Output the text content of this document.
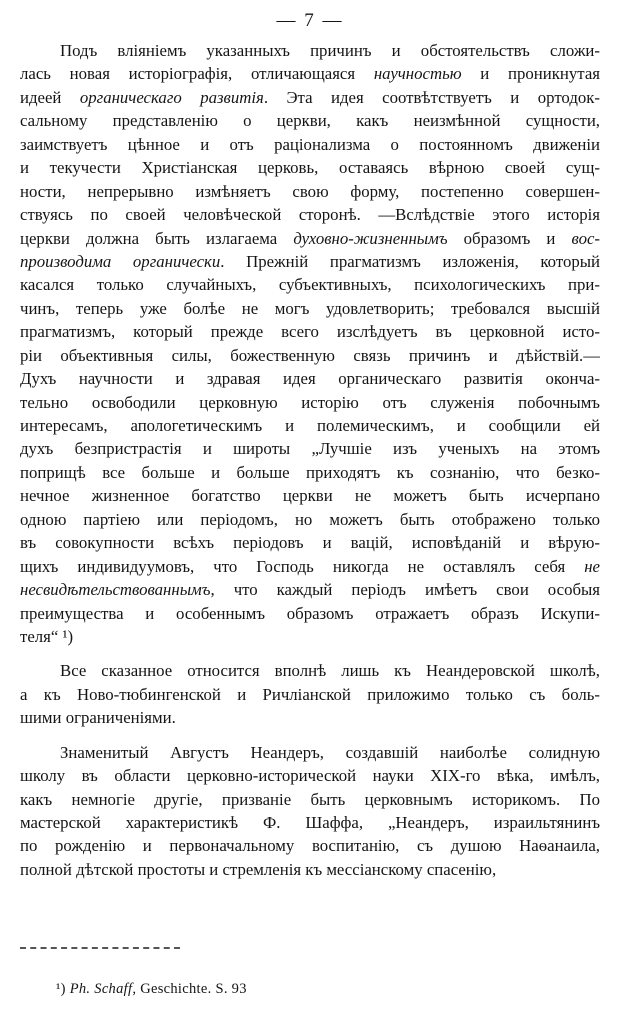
— 7 —
Подъ вліяніемъ указанныхъ причинъ и обстоятельствъ сложи-
лась новая исторіографія, отличающаяся научностью и проникнутая
идеей органическаго развитія. Эта идея соотвѣтствуетъ и ортодок-
сальному представленію о церкви, какъ неизмѣнной сущности,
заимствуетъ цѣнное и отъ раціонализма о постоянномъ движеніи
и текучести Христіанская церковь, оставаясь вѣрною своей сущ-
ности, непрерывно измѣняетъ свою форму, постепенно совершен-
ствуясь по своей человѣческой сторонѣ. —Вслѣдствіе этого исторія
церкви должна быть излагаема духовно-жизненнымъ образомъ и вос-
производима органически. Прежній прагматизмъ изложенія, который
касался только случайныхъ, субъективныхъ, психологическихъ при-
чинъ, теперь уже болѣе не могъ удовлетворить; требовался высшій
прагматизмъ, который прежде всего изслѣдуетъ въ церковной исто-
ріи объективныя силы, божественную связь причинъ и дѣйствій.—
Духъ научности и здравая идея органическаго развитія оконча-
тельно освободили церковную исторію отъ служенія побочнымъ
интересамъ, апологетическимъ и полемическимъ, и сообщили ей
духъ безпристрастія и широты „Лучшіе изъ ученыхъ на этомъ
поприщѣ все больше и больше приходятъ къ сознанію, что безко-
нечное жизненное богатство церкви не можетъ быть исчерпано
одною партіею или періодомъ, но можетъ быть отображено только
въ совокупности всѣхъ періодовъ и вацій, исповѣданій и вѣрую-
щихъ индивидуумовъ, что Господь никогда не оставлялъ себя не
несвидѣтельствованнымъ, что каждый періодъ имѣетъ свои особыя
преимущества и особеннымъ образомъ отражаетъ образъ Искупи-
теля“ ¹)
Все сказанное относится вполнѣ лишь къ Неандеровской школѣ,
а къ Ново-тюбингенской и Ричліанской приложимо только съ боль-
шими ограниченіями.
Знаменитый Августъ Неандеръ, создавшій наиболѣе солидную
школу въ области церковно-исторической науки XIX-го вѣка, имѣлъ,
какъ немногіе другіе, призваніе быть церковнымъ историкомъ. По
мастерской характеристикѣ Ф. Шаффа, „Неандеръ, израильтянинъ
по рожденію и первоначальному воспитанію, съ душою Наѳанаила,
полной дѣтской простоты и стремленія къ мессіанскому спасенію,
¹) Ph. Schaff, Geschichte. S. 93
